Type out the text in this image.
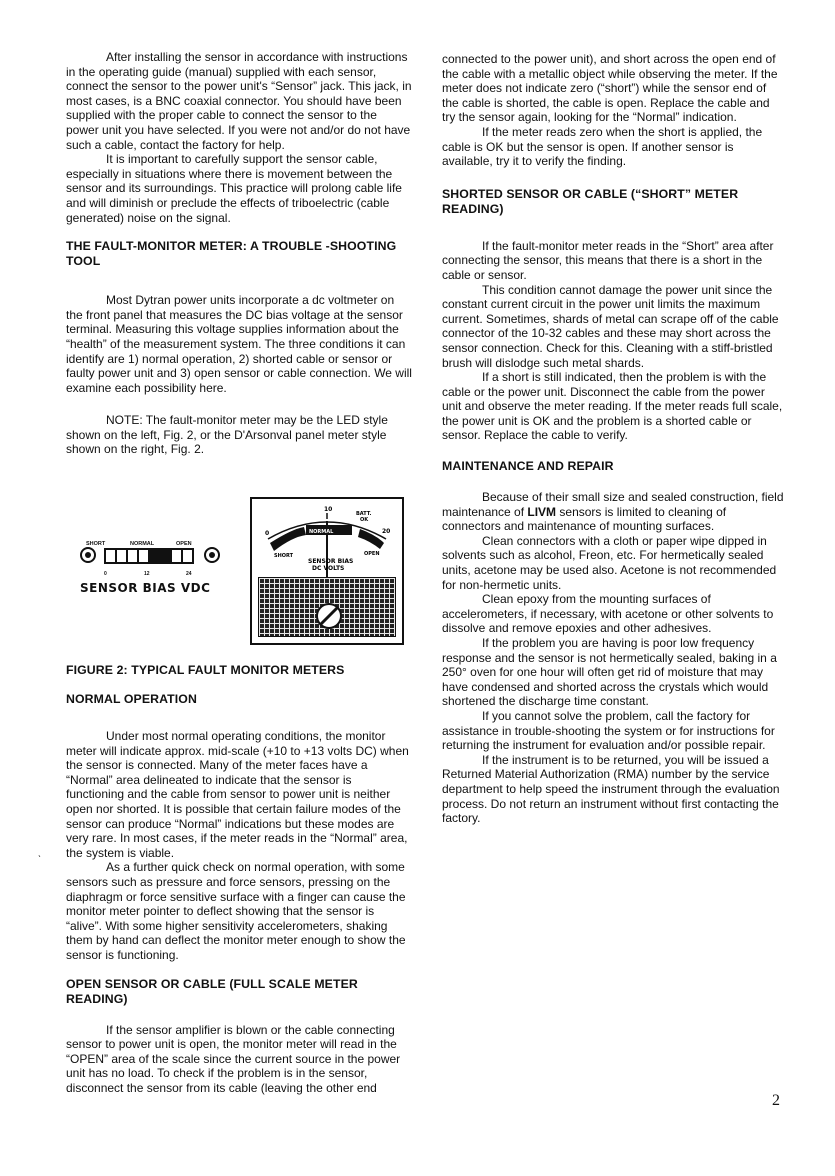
After installing the sensor in accordance with instructions in the operating guide (manual) supplied with each sensor, connect the sensor to the power unit's “Sensor” jack. This jack, in most cases, is a BNC coaxial connector. You should have been supplied with the proper cable to connect the sensor to the power unit you have selected. If you were not and/or do not have such a cable, contact the factory for help.

It is important to carefully support the sensor cable, especially in situations where there is movement between the sensor and its surroundings. This practice will prolong cable life and will diminish or preclude the effects of triboelectric (cable generated) noise on the signal.

THE FAULT-MONITOR METER: A TROUBLE -SHOOTING TOOL

Most Dytran power units incorporate a dc voltmeter on the front panel that measures the DC bias voltage at the sensor terminal. Measuring this voltage supplies information about the “health” of the measurement system. The three conditions it can identify are 1) normal operation, 2) shorted cable or sensor or faulty power unit and 3) open sensor or cable connection. We will examine each possibility here.

NOTE: The fault-monitor meter may be the LED style shown on the left, Fig. 2, or the D'Arsonval panel meter style shown on the right, Fig. 2.

SHORT	NORMAL	OPEN
0	12	24
SENSOR BIAS VDC
0
10
20
BATT.
OK
NORMAL
SHORT	OPEN
SENSOR BIAS
DC VOLTS
FIGURE 2: TYPICAL FAULT MONITOR METERS
NORMAL OPERATION

Under most normal operating conditions, the monitor meter will indicate approx. mid-scale (+10 to +13 volts DC) when the sensor is connected. Many of the meter faces have a “Normal” area delineated to indicate that the sensor is functioning and the cable from sensor to power unit is neither open nor shorted. It is possible that certain failure modes of the sensor can produce “Normal” indications but these modes are very rare. In most cases, if the meter reads in the “Normal” area, the system is viable.

As a further quick check on normal operation, with some sensors such as pressure and force sensors, pressing on the diaphragm or force sensitive surface with a finger can cause the monitor meter pointer to deflect showing that the sensor is “alive”. With some higher sensitivity accelerometers, shaking them by hand can deflect the monitor meter enough to show the sensor is functioning.

OPEN SENSOR OR CABLE (FULL SCALE METER READING)

If the sensor amplifier is blown or the cable connecting sensor to power unit is open, the monitor meter will read in the “OPEN” area of the scale since the current source in the power unit has no load. To check if the problem is in the sensor, disconnect the sensor from its cable (leaving the other end

connected to the power unit), and short across the open end of the cable with a metallic object while observing the meter. If the meter does not indicate zero (“short”) while the sensor end of the cable is shorted, the cable is open. Replace the cable and try the sensor again, looking for the “Normal” indication.

If the meter reads zero when the short is applied, the cable is OK but the sensor is open. If another sensor is available, try it to verify the finding.

SHORTED SENSOR OR CABLE (“SHORT” METER READING)

If the fault-monitor meter reads in the “Short” area after connecting the sensor, this means that there is a short in the cable or sensor.

This condition cannot damage the power unit since the constant current circuit in the power unit limits the maximum current. Sometimes, shards of metal can scrape off of the cable connector of the 10-32 cables and these may short across the sensor connection. Check for this. Cleaning with a stiff-bristled brush will dislodge such metal shards.

If a short is still indicated, then the problem is with the cable or the power unit. Disconnect the cable from the power unit and observe the meter reading. If the meter reads full scale, the power unit is OK and the problem is a shorted cable or sensor. Replace the cable to verify.

MAINTENANCE AND REPAIR

Because of their small size and sealed construction, field maintenance of LIVM sensors is limited to cleaning of connectors and maintenance of mounting surfaces.

Clean connectors with a cloth or paper wipe dipped in solvents such as alcohol, Freon, etc. For hermetically sealed units, acetone may be used also. Acetone is not recommended for non-hermetic units.

Clean epoxy from the mounting surfaces of accelerometers, if necessary, with acetone or other solvents to dissolve and remove epoxies and other adhesives.

If the problem you are having is poor low frequency response and the sensor is not hermetically sealed, baking in a 250° oven for one hour will often get rid of moisture that may have condensed and shorted across the crystals which would shortened the discharge time constant.

If you cannot solve the problem, call the factory for assistance in trouble-shooting the system or for instructions for returning the instrument for evaluation and/or possible repair.

If the instrument is to be returned, you will be issued a Returned Material Authorization (RMA) number by the service department to help speed the instrument through the evaluation process. Do not return an instrument without first contacting the factory.

ˎ
2
